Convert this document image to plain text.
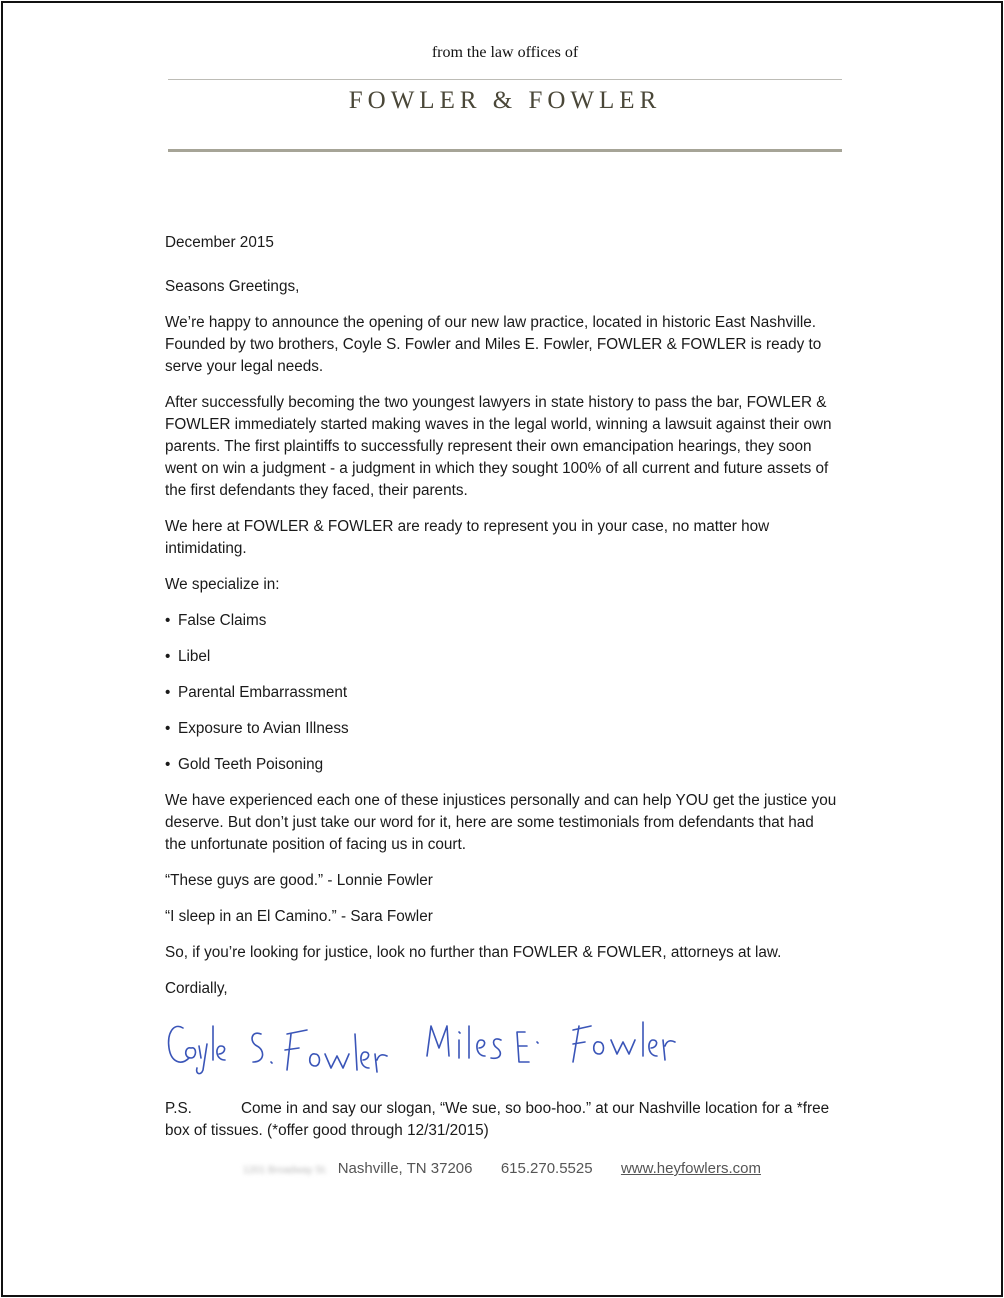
from the law offices of
FOWLER & FOWLER

December 2015

Seasons Greetings,

We’re happy to announce the opening of our new law practice, located in historic East Nashville. Founded by two brothers, Coyle S. Fowler and Miles E. Fowler, FOWLER & FOWLER is ready to serve your legal needs.

After successfully becoming the two youngest lawyers in state history to pass the bar, FOWLER & FOWLER immediately started making waves in the legal world, winning a lawsuit against their own parents. The first plaintiffs to successfully represent their own emancipation hearings, they soon went on win a judgment - a judgment in which they sought 100% of all current and future assets of the first defendants they faced, their parents.

We here at FOWLER & FOWLER are ready to represent you in your case, no matter how intimidating.

We specialize in:

• False Claims
• Libel
• Parental Embarrassment
• Exposure to Avian Illness
• Gold Teeth Poisoning

We have experienced each one of these injustices personally and can help YOU get the justice you deserve. But don’t just take our word for it, here are some testimonials from defendants that had the unfortunate position of facing us in court.

“These guys are good.” - Lonnie Fowler

“I sleep in an El Camino.” - Sara Fowler

So, if you’re looking for justice, look no further than FOWLER & FOWLER, attorneys at law.

Cordially,

P.S.	Come in and say our slogan, “We sue, so boo-hoo.” at our Nashville location for a *free box of tissues. (*offer good through 12/31/2015)
1201 Broadway St. Nashville, TN 37206 615.270.5525 www.heyfowlers.com
